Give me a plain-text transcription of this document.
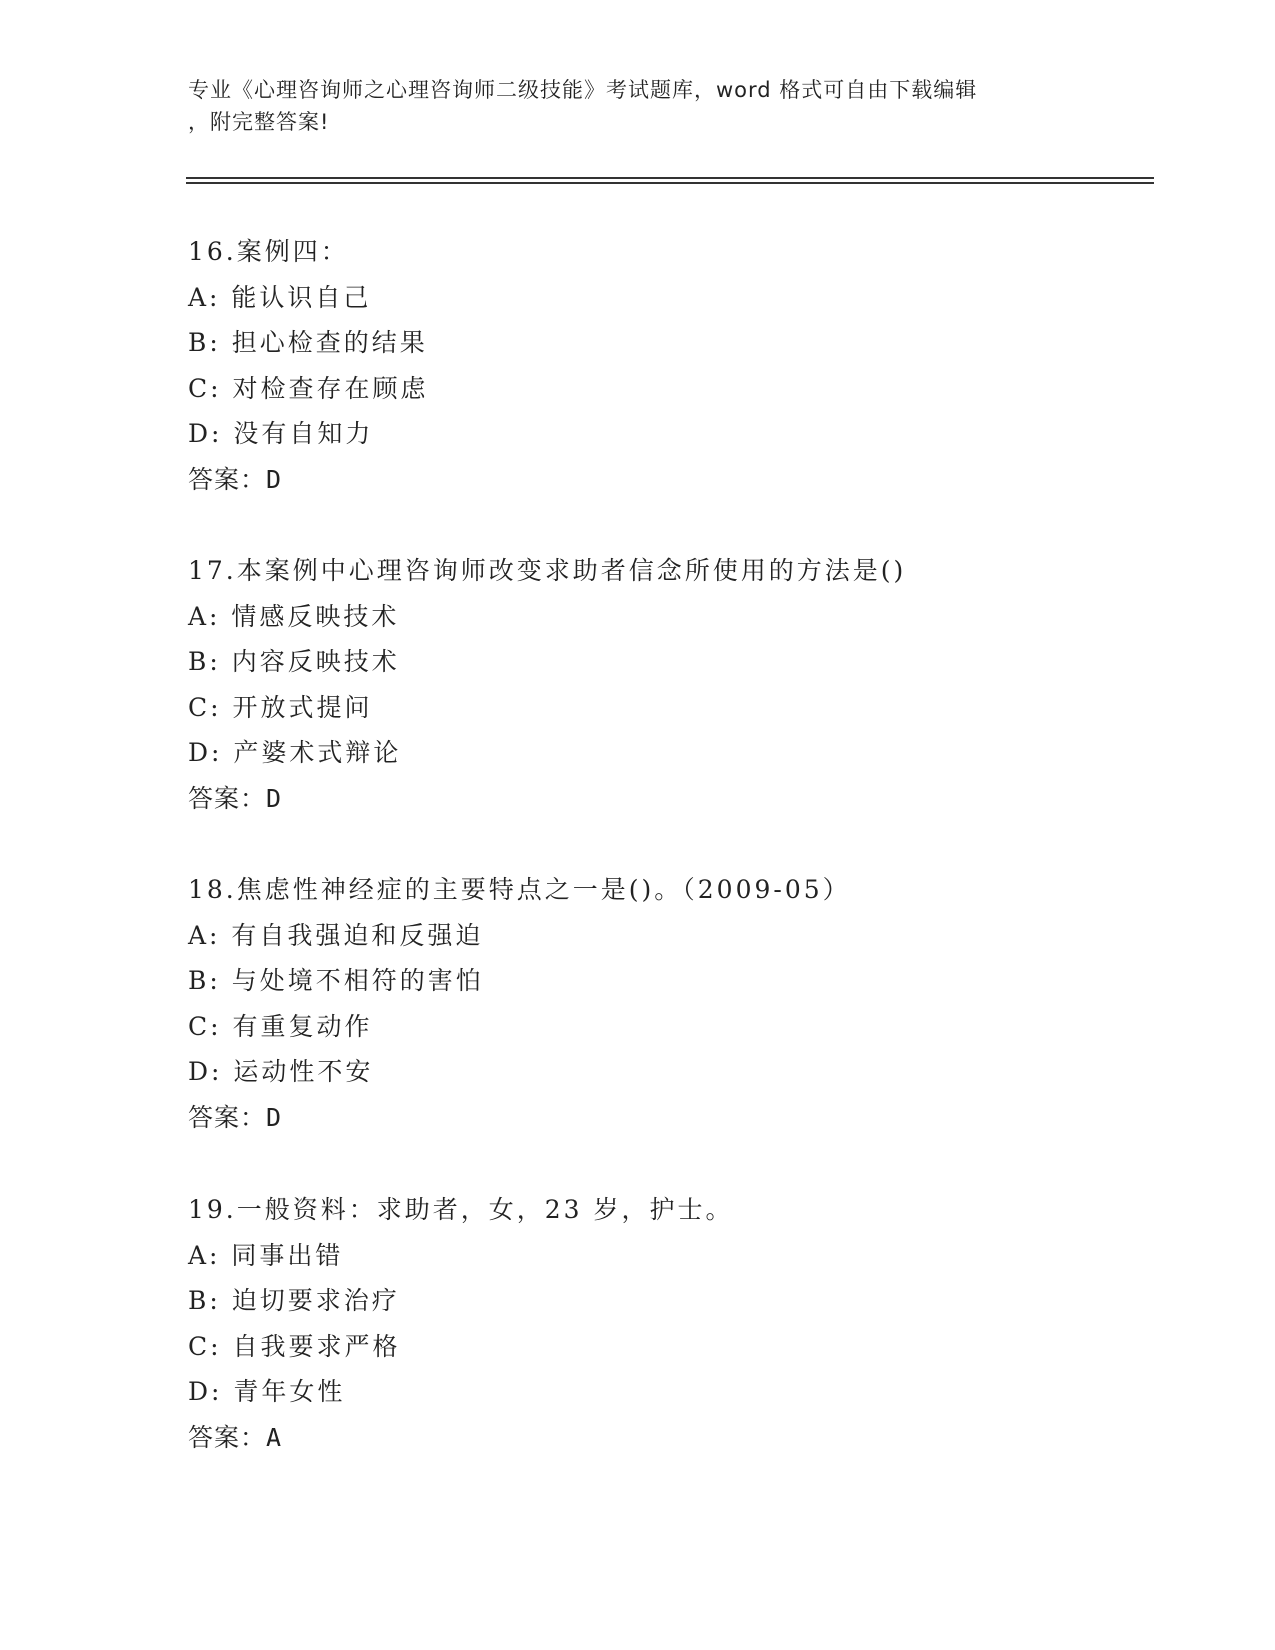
专业《心理咨询师之心理咨询师二级技能》考试题库，word 格式可自由下载编辑
，附完整答案!
16.案例四：
A: 能认识自己
B: 担心检查的结果
C: 对检查存在顾虑
D: 没有自知力
答案：D
17.本案例中心理咨询师改变求助者信念所使用的方法是()
A: 情感反映技术
B: 内容反映技术
C: 开放式提问
D: 产婆术式辩论
答案：D
18.焦虑性神经症的主要特点之一是()。（2009-05）
A: 有自我强迫和反强迫
B: 与处境不相符的害怕
C: 有重复动作
D: 运动性不安
答案：D
19.一般资料：求助者，女，23 岁，护士。
A: 同事出错
B: 迫切要求治疗
C: 自我要求严格
D: 青年女性
答案：A
